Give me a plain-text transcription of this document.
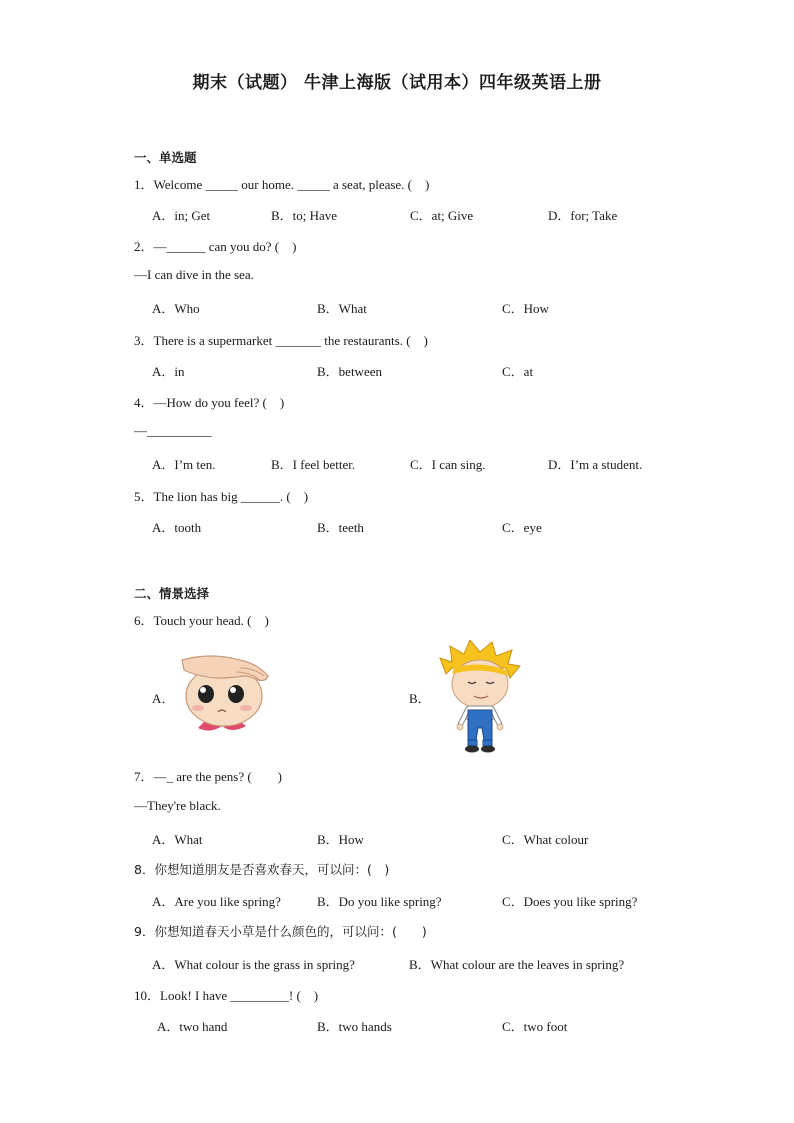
期末（试题） 牛津上海版（试用本）四年级英语上册
一、单选题
1．Welcome _____ our home. _____ a seat, please. (　)
A．in; Get	B．to; Have	C．at; Give	D．for; Take
2．—______ can you do? (　)
—I can dive in the sea.
A．Who	B．What	C．How
3．There is a supermarket _______ the restaurants. (　)
A．in	B．between	C．at
4．—How do you feel? (　)
—__________
A．I’m ten.	B．I feel better.	C．I can sing.	D．I’m a student.
5．The lion has big ______. (　)
A．tooth	B．teeth	C．eye
二、情景选择
6．Touch your head. (　)
A．	B．
7．—_ are the pens? (　　)
—They're black.
A．What	B．How	C．What colour
8．你想知道朋友是否喜欢春天，可以问：(　)
A．Are you like spring?	B．Do you like spring?	C．Does you like spring?
9．你想知道春天小草是什么颜色的，可以问：(　　)
A．What colour is the grass in spring?	B．What colour are the leaves in spring?
10．Look! I have _________! (　)
A．two hand	B．two hands	C．two foot
